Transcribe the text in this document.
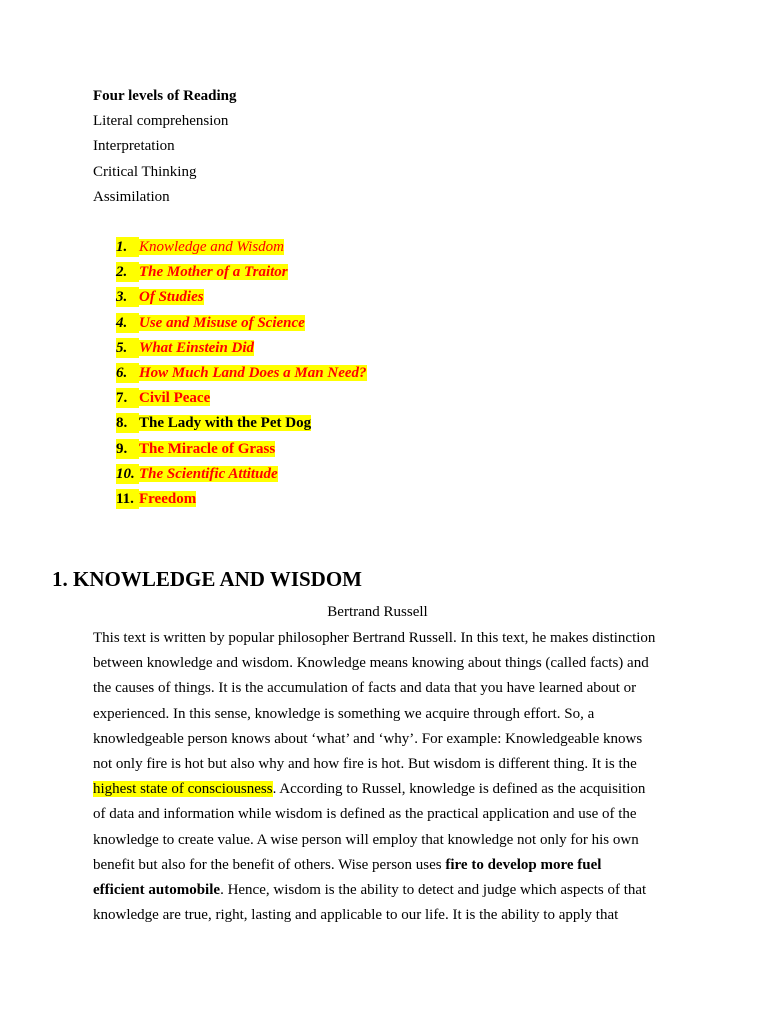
Four levels of Reading
Literal comprehension
Interpretation
Critical Thinking
Assimilation
1. Knowledge and Wisdom
2. The Mother of a Traitor
3. Of Studies
4. Use and Misuse of Science
5. What Einstein Did
6. How Much Land Does a Man Need?
7. Civil Peace
8. The Lady with the Pet Dog
9. The Miracle of Grass
10. The Scientific Attitude
11. Freedom
1. KNOWLEDGE AND WISDOM
Bertrand Russell
This text is written by popular philosopher Bertrand Russell. In this text, he makes distinction
between knowledge and wisdom. Knowledge means knowing about things (called facts) and
the causes of things. It is the accumulation of facts and data that you have learned about or
experienced. In this sense, knowledge is something we acquire through effort. So, a
knowledgeable person knows about ‘what’ and ‘why’. For example: Knowledgeable knows
not only fire is hot but also why and how fire is hot. But wisdom is different thing. It is the
highest state of consciousness. According to Russel, knowledge is defined as the acquisition
of data and information while wisdom is defined as the practical application and use of the
knowledge to create value. A wise person will employ that knowledge not only for his own
benefit but also for the benefit of others. Wise person uses fire to develop more fuel
efficient automobile. Hence, wisdom is the ability to detect and judge which aspects of that
knowledge are true, right, lasting and applicable to our life. It is the ability to apply that
